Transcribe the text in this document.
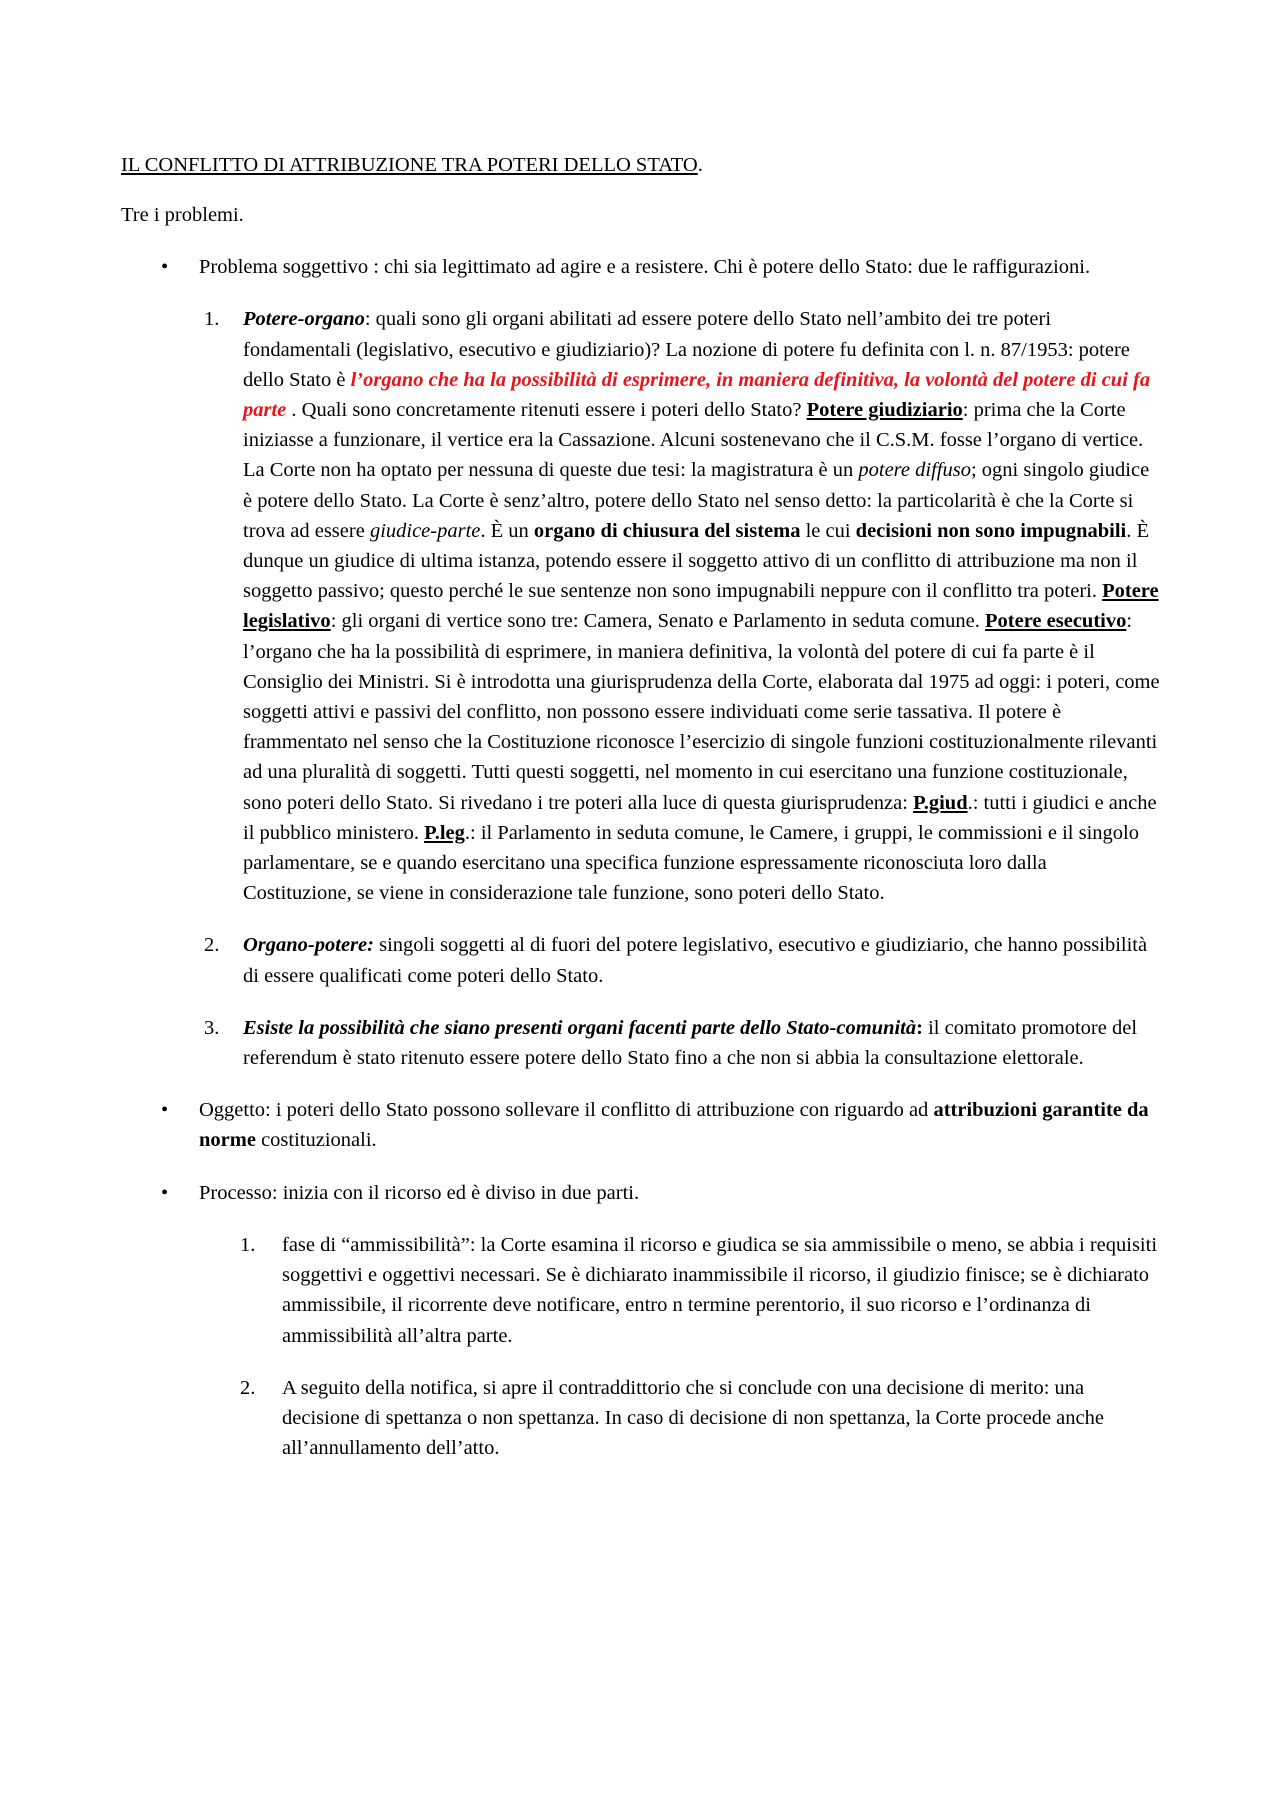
IL CONFLITTO DI ATTRIBUZIONE TRA POTERI DELLO STATO.

Tre i problemi.

• Problema soggettivo : chi sia legittimato ad agire e a resistere. Chi è potere dello Stato: due le raffigurazioni.
1. Potere-organo: quali sono gli organi abilitati ad essere potere dello Stato nell’ambito dei tre poteri fondamentali (legislativo, esecutivo e giudiziario)? La nozione di potere fu definita con l. n. 87/1953: potere dello Stato è l’organo che ha la possibilità di esprimere, in maniera definitiva, la volontà del potere di cui fa parte . Quali sono concretamente ritenuti essere i poteri dello Stato? Potere giudiziario: prima che la Corte iniziasse a funzionare, il vertice era la Cassazione. Alcuni sostenevano che il C.S.M. fosse l’organo di vertice. La Corte non ha optato per nessuna di queste due tesi: la magistratura è un potere diffuso; ogni singolo giudice è potere dello Stato. La Corte è senz’altro, potere dello Stato nel senso detto: la particolarità è che la Corte si trova ad essere giudice-parte. È un organo di chiusura del sistema le cui decisioni non sono impugnabili. È dunque un giudice di ultima istanza, potendo essere il soggetto attivo di un conflitto di attribuzione ma non il soggetto passivo; questo perché le sue sentenze non sono impugnabili neppure con il conflitto tra poteri. Potere legislativo: gli organi di vertice sono tre: Camera, Senato e Parlamento in seduta comune. Potere esecutivo: l’organo che ha la possibilità di esprimere, in maniera definitiva, la volontà del potere di cui fa parte è il Consiglio dei Ministri. Si è introdotta una giurisprudenza della Corte, elaborata dal 1975 ad oggi: i poteri, come soggetti attivi e passivi del conflitto, non possono essere individuati come serie tassativa. Il potere è frammentato nel senso che la Costituzione riconosce l’esercizio di singole funzioni costituzionalmente rilevanti ad una pluralità di soggetti. Tutti questi soggetti, nel momento in cui esercitano una funzione costituzionale, sono poteri dello Stato. Si rivedano i tre poteri alla luce di questa giurisprudenza: P.giud.: tutti i giudici e anche il pubblico ministero. P.leg.: il Parlamento in seduta comune, le Camere, i gruppi, le commissioni e il singolo parlamentare, se e quando esercitano una specifica funzione espressamente riconosciuta loro dalla Costituzione, se viene in considerazione tale funzione, sono poteri dello Stato.
2. Organo-potere: singoli soggetti al di fuori del potere legislativo, esecutivo e giudiziario, che hanno possibilità di essere qualificati come poteri dello Stato.
3. Esiste la possibilità che siano presenti organi facenti parte dello Stato-comunità: il comitato promotore del referendum è stato ritenuto essere potere dello Stato fino a che non si abbia la consultazione elettorale.
• Oggetto: i poteri dello Stato possono sollevare il conflitto di attribuzione con riguardo ad attribuzioni garantite da norme costituzionali.
• Processo: inizia con il ricorso ed è diviso in due parti.
1. fase di “ammissibilità”: la Corte esamina il ricorso e giudica se sia ammissibile o meno, se abbia i requisiti soggettivi e oggettivi necessari. Se è dichiarato inammissibile il ricorso, il giudizio finisce; se è dichiarato ammissibile, il ricorrente deve notificare, entro n termine perentorio, il suo ricorso e l’ordinanza di ammissibilità all’altra parte.
2. A seguito della notifica, si apre il contraddittorio che si conclude con una decisione di merito: una decisione di spettanza o non spettanza. In caso di decisione di non spettanza, la Corte procede anche all’annullamento dell’atto.
